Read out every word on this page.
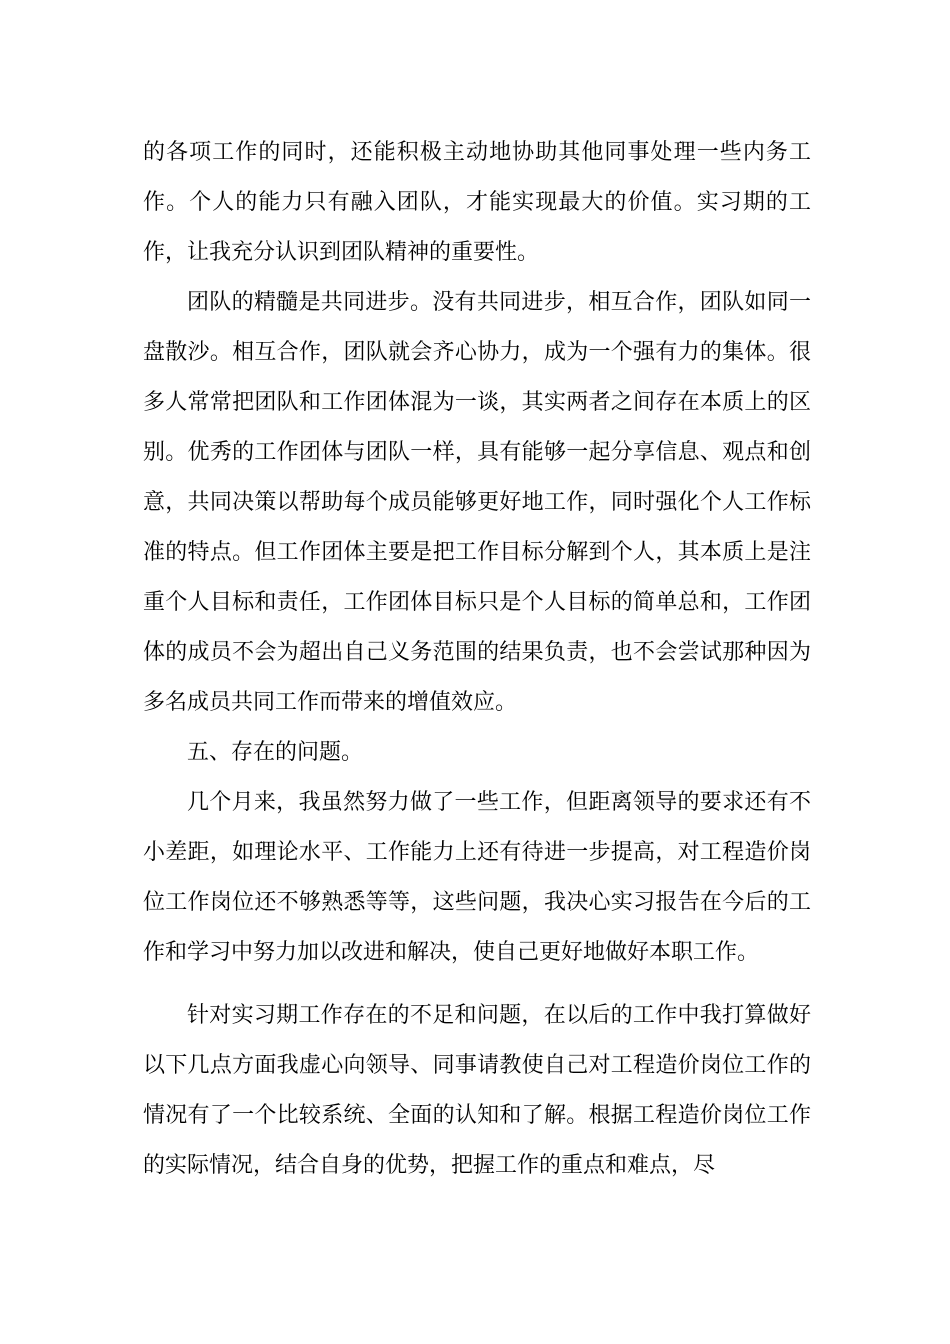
的各项工作的同时，还能积极主动地协助其他同事处理一些内务工作。个人的能力只有融入团队，才能实现最大的价值。实习期的工作，让我充分认识到团队精神的重要性。

团队的精髓是共同进步。没有共同进步，相互合作，团队如同一盘散沙。相互合作，团队就会齐心协力，成为一个强有力的集体。很多人常常把团队和工作团体混为一谈，其实两者之间存在本质上的区别。优秀的工作团体与团队一样，具有能够一起分享信息、观点和创意，共同决策以帮助每个成员能够更好地工作，同时强化个人工作标准的特点。但工作团体主要是把工作目标分解到个人，其本质上是注重个人目标和责任，工作团体目标只是个人目标的简单总和，工作团体的成员不会为超出自己义务范围的结果负责，也不会尝试那种因为多名成员共同工作而带来的增值效应。

五、存在的问题。

几个月来，我虽然努力做了一些工作，但距离领导的要求还有不小差距，如理论水平、工作能力上还有待进一步提高，对工程造价岗位工作岗位还不够熟悉等等，这些问题，我决心实习报告在今后的工作和学习中努力加以改进和解决，使自己更好地做好本职工作。

针对实习期工作存在的不足和问题，在以后的工作中我打算做好以下几点方面我虚心向领导、同事请教使自己对工程造价岗位工作的情况有了一个比较系统、全面的认知和了解。根据工程造价岗位工作的实际情况，结合自身的优势，把握工作的重点和难点，尽
